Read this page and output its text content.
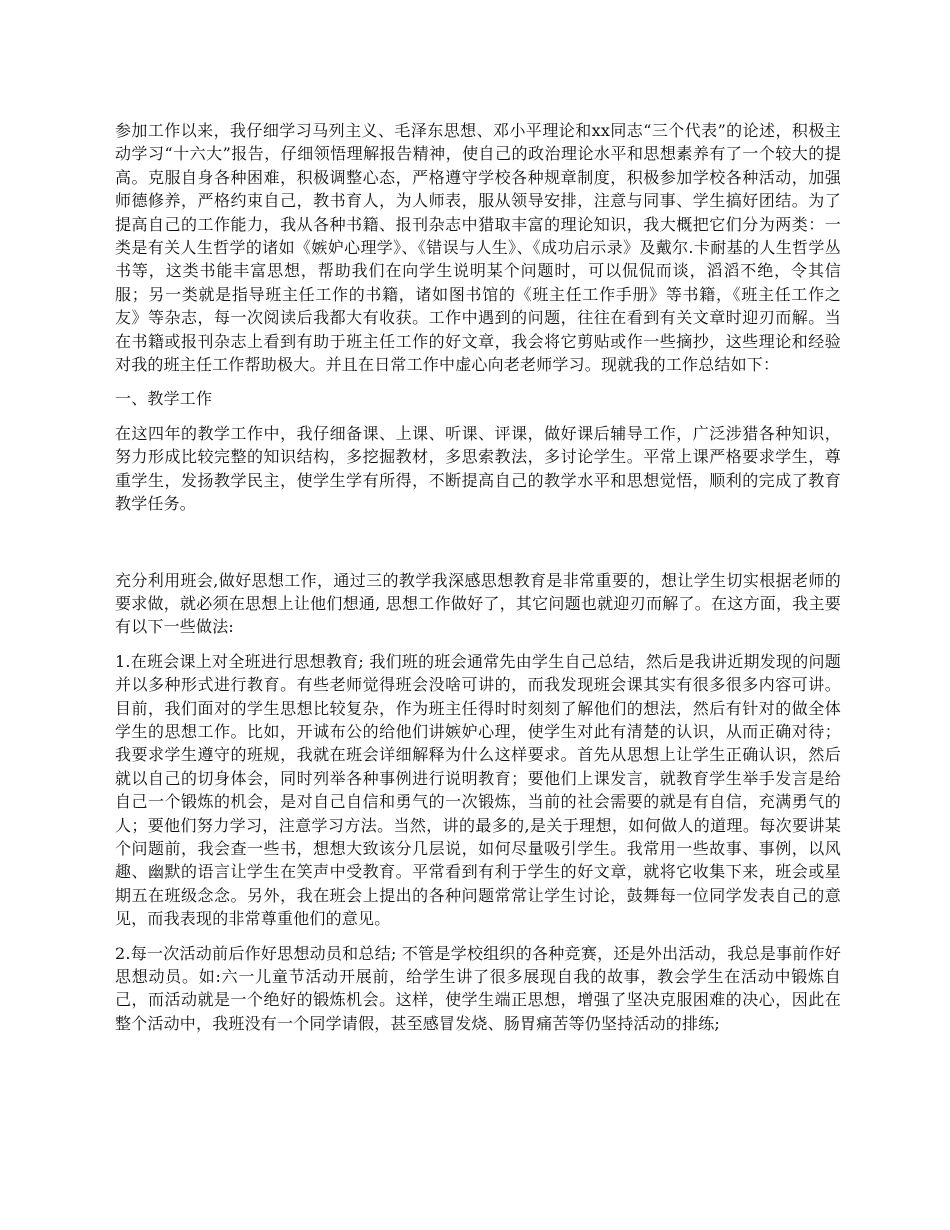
参加工作以来，我仔细学习马列主义、毛泽东思想、邓小平理论和xx同志“三个代表”的论述，积极主动学习“十六大”报告，仔细领悟理解报告精神，使自己的政治理论水平和思想素养有了一个较大的提高。克服自身各种困难，积极调整心态，严格遵守学校各种规章制度，积极参加学校各种活动，加强师德修养，严格约束自己，教书育人，为人师表，服从领导安排，注意与同事、学生搞好团结。为了提高自己的工作能力，我从各种书籍、报刊杂志中猎取丰富的理论知识，我大概把它们分为两类：一类是有关人生哲学的诸如《嫉妒心理学》、《错误与人生》、《成功启示录》及戴尔.卡耐基的人生哲学丛书等，这类书能丰富思想，帮助我们在向学生说明某个问题时，可以侃侃而谈，滔滔不绝，令其信服；另一类就是指导班主任工作的书籍，诸如图书馆的《班主任工作手册》等书籍，《班主任工作之友》等杂志，每一次阅读后我都大有收获。工作中遇到的问题，往往在看到有关文章时迎刃而解。当在书籍或报刊杂志上看到有助于班主任工作的好文章，我会将它剪贴或作一些摘抄，这些理论和经验对我的班主任工作帮助极大。并且在日常工作中虚心向老老师学习。现就我的工作总结如下：

一、教学工作

在这四年的教学工作中，我仔细备课、上课、听课、评课，做好课后辅导工作，广泛涉猎各种知识，努力形成比较完整的知识结构，多挖掘教材，多思索教法，多讨论学生。平常上课严格要求学生，尊重学生，发扬教学民主，使学生学有所得，不断提高自己的教学水平和思想觉悟，顺利的完成了教育教学任务。

充分利用班会,做好思想工作，通过三的教学我深感思想教育是非常重要的，想让学生切实根据老师的要求做，就必须在思想上让他们想通, 思想工作做好了，其它问题也就迎刃而解了。在这方面，我主要有以下一些做法:

1.在班会课上对全班进行思想教育; 我们班的班会通常先由学生自己总结，然后是我讲近期发现的问题并以多种形式进行教育。有些老师觉得班会没啥可讲的，而我发现班会课其实有很多很多内容可讲。目前，我们面对的学生思想比较复杂，作为班主任得时时刻刻了解他们的想法，然后有针对的做全体学生的思想工作。比如，开诚布公的给他们讲嫉妒心理，使学生对此有清楚的认识，从而正确对待；我要求学生遵守的班规，我就在班会详细解释为什么这样要求。首先从思想上让学生正确认识，然后就以自己的切身体会，同时列举各种事例进行说明教育；要他们上课发言，就教育学生举手发言是给自己一个锻炼的机会，是对自己自信和勇气的一次锻炼，当前的社会需要的就是有自信，充满勇气的人；要他们努力学习，注意学习方法。当然，讲的最多的,是关于理想，如何做人的道理。每次要讲某个问题前，我会查一些书，想想大致该分几层说，如何尽量吸引学生。我常用一些故事、事例，以风趣、幽默的语言让学生在笑声中受教育。平常看到有利于学生的好文章，就将它收集下来，班会或星期五在班级念念。另外，我在班会上提出的各种问题常常让学生讨论，鼓舞每一位同学发表自己的意见，而我表现的非常尊重他们的意见。

2.每一次活动前后作好思想动员和总结; 不管是学校组织的各种竞赛，还是外出活动，我总是事前作好思想动员。如:六一儿童节活动开展前，给学生讲了很多展现自我的故事，教会学生在活动中锻炼自己，而活动就是一个绝好的锻炼机会。这样，使学生端正思想，增强了坚决克服困难的决心，因此在整个活动中，我班没有一个同学请假，甚至感冒发烧、肠胃痛苦等仍坚持活动的排练;
